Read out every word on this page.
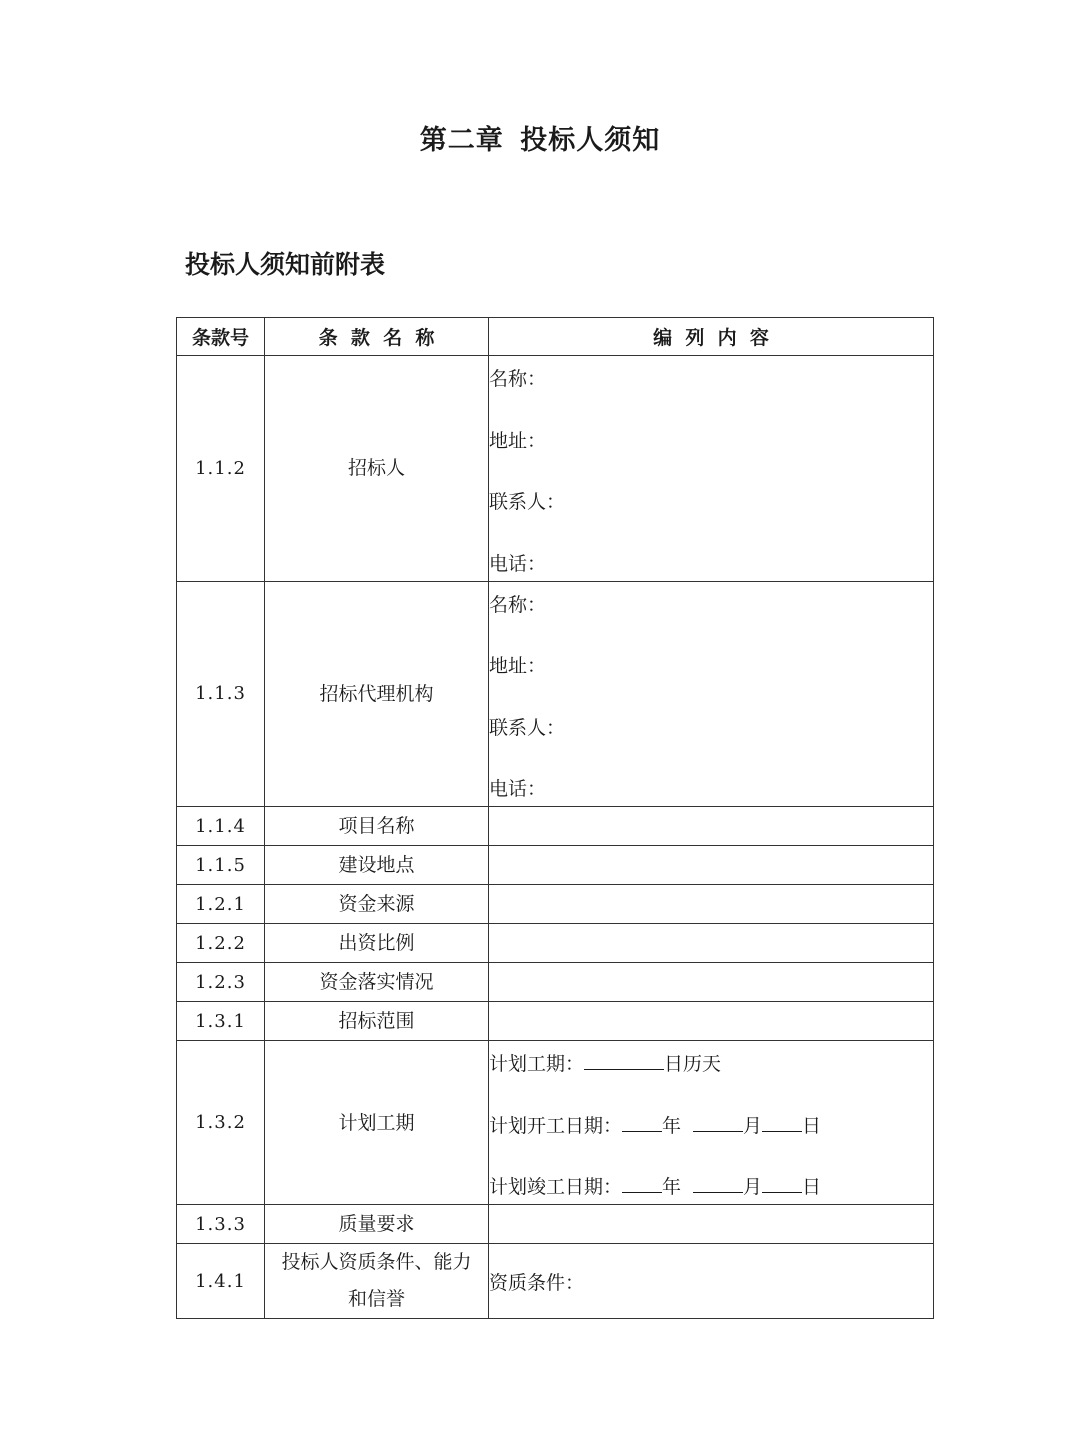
第二章 投标人须知
投标人须知前附表
条款号	条  款  名  称	编  列  内  容
1.1.2	招标人	名称：
地址：
联系人：
电话：

1.1.3	招标代理机构	名称：
地址：
联系人：
电话：

1.1.4	项目名称	
1.1.5	建设地点	
1.2.1	资金来源	
1.2.2	出资比例	
1.2.3	资金落实情况	
1.3.1	招标范围	
1.3.2	计划工期	计划工期： 日历天
计划开工日期： 年 月 日
计划竣工日期： 年 月 日

1.3.3	质量要求	
1.4.1	投标人资质条件、能力
和信誉	资质条件：
